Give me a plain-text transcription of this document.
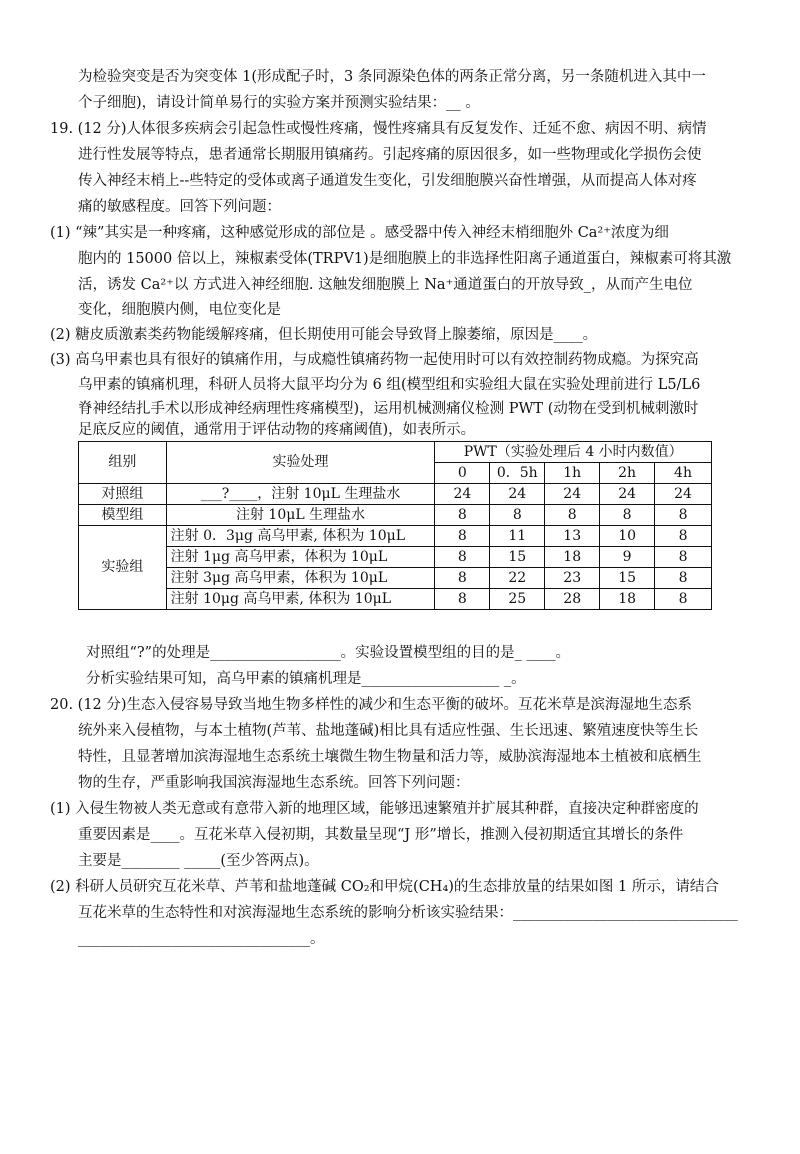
为检验突变是否为突变体 1(形成配子时，3 条同源染色体的两条正常分离，另一条随机进入其中一
个子细胞)，请设计简单易行的实验方案并预测实验结果：__ 。
19. (12 分)人体很多疾病会引起急性或慢性疼痛，慢性疼痛具有反复发作、迁延不愈、病因不明、病情
进行性发展等特点，患者通常长期服用镇痛药。引起疼痛的原因很多，如一些物理或化学损伤会使
传入神经末梢上--些特定的受体或离子通道发生变化，引发细胞膜兴奋性增强，从而提高人体对疼
痛的敏感程度。回答下列问题：
(1) “辣”其实是一种疼痛，这种感觉形成的部位是 。感受器中传入神经末梢细胞外 Ca²⁺浓度为细
胞内的 15000 倍以上，辣椒素受体(TRPV1)是细胞膜上的非选择性阳离子通道蛋白，辣椒素可将其激
活，诱发 Ca²⁺以 方式进入神经细胞. 这触发细胞膜上 Na⁺通道蛋白的开放导致_，从而产生电位
变化，细胞膜内侧，电位变化是
(2) 糖皮质激素类药物能缓解疼痛，但长期使用可能会导致肾上腺萎缩，原因是____。
(3) 高乌甲素也具有很好的镇痛作用，与成瘾性镇痛药物一起使用时可以有效控制药物成瘾。为探究高
乌甲素的镇痛机理，科研人员将大鼠平均分为 6 组(模型组和实验组大鼠在实验处理前进行 L5/L6
脊神经结扎手术以形成神经病理性疼痛模型)，运用机械测痛仪检测 PWT (动物在受到机械刺激时
足底反应的阈值，通常用于评估动物的疼痛阈值)，如表所示。
组别	实验处理	PWT（实验处理后 4 小时内数值）				
		0	0．5h	1h	2h	4h
对照组	___?____，注射 10μL 生理盐水	24	24	24	24	24
模型组	注射 10μL 生理盐水	8	8	8	8	8
实验组	注射 0．3μg 高乌甲素, 体积为 10μL	8	11	13	10	8
	注射 1μg 高乌甲素，体积为 10μL	8	15	18	9	8
	注射 3μg 高乌甲素，体积为 10μL	8	22	23	15	8
	注射 10μg 高乌甲素, 体积为 10μL	8	25	28	18	8
对照组“?”的处理是__________________。实验设置模型组的目的是_ ____。
分析实验结果可知，高乌甲素的镇痛机理是___________________ _。
20. (12 分)生态入侵容易导致当地生物多样性的减少和生态平衡的破坏。互花米草是滨海湿地生态系
统外来入侵植物，与本土植物(芦苇、盐地蓬碱)相比具有适应性强、生长迅速、繁殖速度快等生长
特性，且显著增加滨海湿地生态系统土壤微生物生物量和活力等，威胁滨海湿地本土植被和底栖生
物的生存，严重影响我国滨海湿地生态系统。回答下列问题：
(1) 入侵生物被人类无意或有意带入新的地理区域，能够迅速繁殖并扩展其种群，直接决定种群密度的
重要因素是____。互花米草入侵初期，其数量呈现“J 形”增长，推测入侵初期适宜其增长的条件
主要是________ _____(至少答两点)。
(2) 科研人员研究互花米草、芦苇和盐地蓬碱 CO₂和甲烷(CH₄)的生态排放量的结果如图 1 所示，请结合
互花米草的生态特性和对滨海湿地生态系统的影响分析该实验结果：_______________________________
________________________________。
